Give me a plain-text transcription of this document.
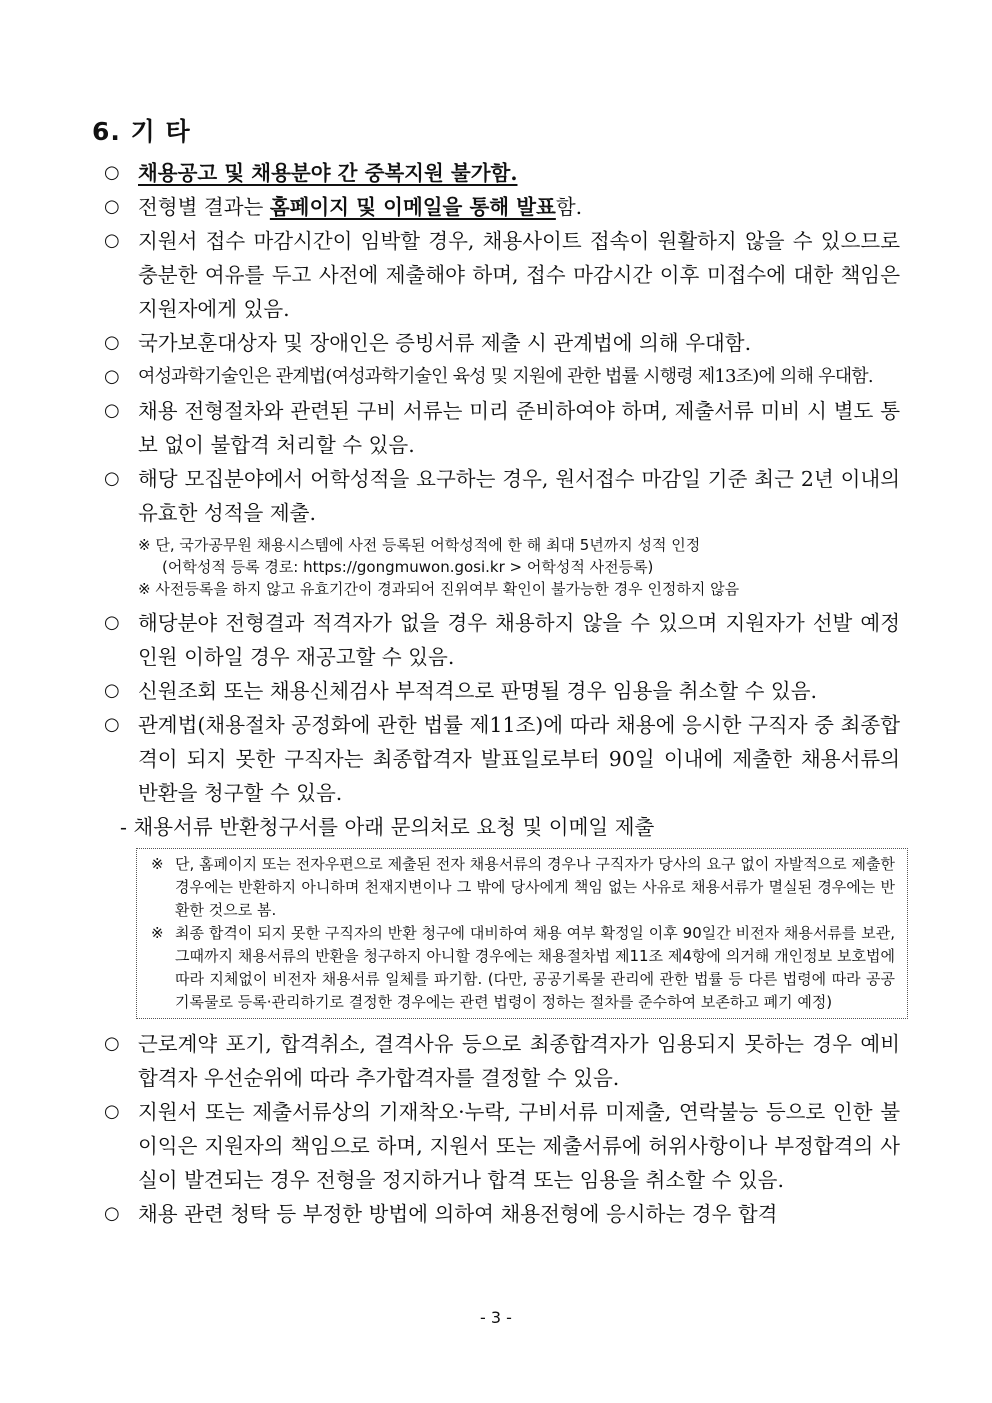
6. 기 타
○ 채용공고 및 채용분야 간 중복지원 불가함.
○ 전형별 결과는 홈페이지 및 이메일을 통해 발표함.
○ 지원서 접수 마감시간이 임박할 경우, 채용사이트 접속이 원활하지 않을 수 있으므로 충분한 여유를 두고 사전에 제출해야 하며, 접수 마감시간 이후 미접수에 대한 책임은 지원자에게 있음.
○ 국가보훈대상자 및 장애인은 증빙서류 제출 시 관계법에 의해 우대함.
○	여성과학기술인은 관계법(여성과학기술인 육성 및 지원에 관한 법률 시행령 제13조)에 의해 우대함.
○ 채용 전형절차와 관련된 구비 서류는 미리 준비하여야 하며, 제출서류 미비 시 별도 통보 없이 불합격 처리할 수 있음.
○ 해당 모집분야에서 어학성적을 요구하는 경우, 원서접수 마감일 기준 최근 2년 이내의 유효한 성적을 제출.
※ 단, 국가공무원 채용시스템에 사전 등록된 어학성적에 한 해 최대 5년까지 성적 인정
(어학성적 등록 경로: https://gongmuwon.gosi.kr > 어학성적 사전등록)
※ 사전등록을 하지 않고 유효기간이 경과되어 진위여부 확인이 불가능한 경우 인정하지 않음
○ 해당분야 전형결과 적격자가 없을 경우 채용하지 않을 수 있으며 지원자가 선발 예정인원 이하일 경우 재공고할 수 있음.
○ 신원조회 또는 채용신체검사 부적격으로 판명될 경우 임용을 취소할 수 있음.
○ 관계법(채용절차 공정화에 관한 법률 제11조)에 따라 채용에 응시한 구직자 중 최종합격이 되지 못한 구직자는 최종합격자 발표일로부터 90일 이내에 제출한 채용서류의 반환을 청구할 수 있음.
- 채용서류 반환청구서를 아래 문의처로 요청 및 이메일 제출
※ 단, 홈페이지 또는 전자우편으로 제출된 전자 채용서류의 경우나 구직자가 당사의 요구 없이 자발적으로 제출한 경우에는 반환하지 아니하며 천재지변이나 그 밖에 당사에게 책임 없는 사유로 채용서류가 멸실된 경우에는 반환한 것으로 봄.
※ 최종 합격이 되지 못한 구직자의 반환 청구에 대비하여 채용 여부 확정일 이후 90일간 비전자 채용서류를 보관, 그때까지 채용서류의 반환을 청구하지 아니할 경우에는 채용절차법 제11조 제4항에 의거해 개인정보 보호법에 따라 지체없이 비전자 채용서류 일체를 파기함. (다만, 공공기록물 관리에 관한 법률 등 다른 법령에 따라 공공기록물로 등록·관리하기로 결정한 경우에는 관련 법령이 정하는 절차를 준수하여 보존하고 폐기 예정)
○ 근로계약 포기, 합격취소, 결격사유 등으로 최종합격자가 임용되지 못하는 경우 예비합격자 우선순위에 따라 추가합격자를 결정할 수 있음.
○ 지원서 또는 제출서류상의 기재착오·누락, 구비서류 미제출, 연락불능 등으로 인한 불이익은 지원자의 책임으로 하며, 지원서 또는 제출서류에 허위사항이나 부정합격의 사실이 발견되는 경우 전형을 정지하거나 합격 또는 임용을 취소할 수 있음.
○ 채용 관련 청탁 등 부정한 방법에 의하여 채용전형에 응시하는 경우 합격
- 3 -
